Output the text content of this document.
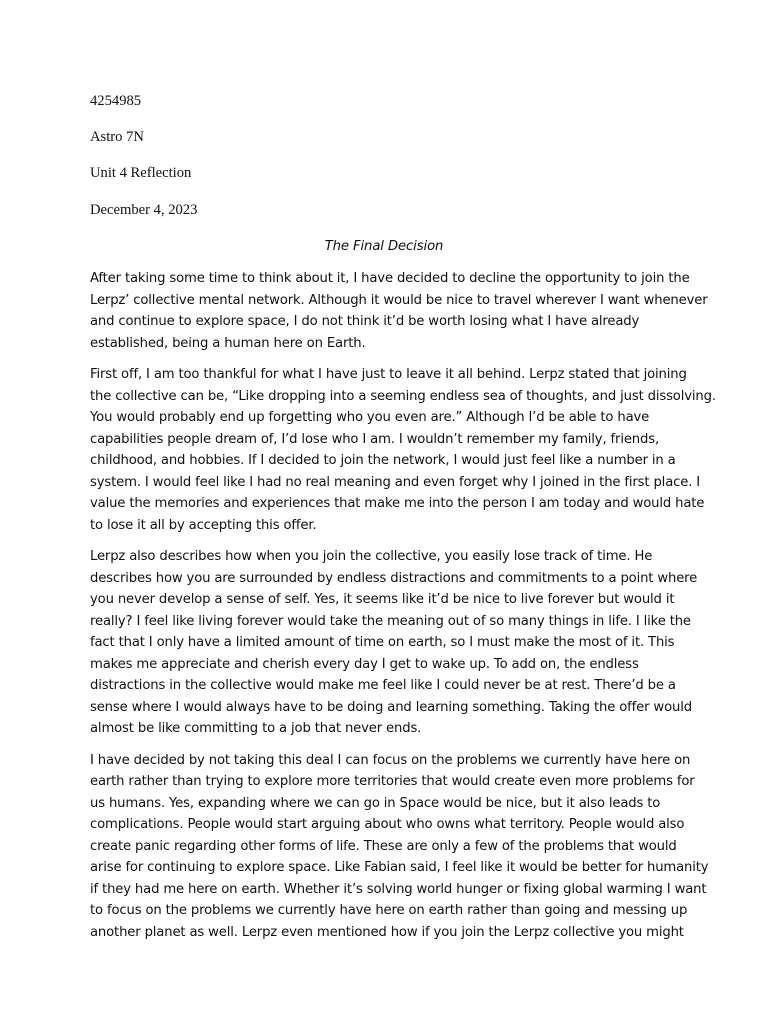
4254985
Astro 7N
Unit 4 Reflection
December 4, 2023
The Final Decision
After taking some time to think about it, I have decided to decline the opportunity to join the
Lerpz’ collective mental network. Although it would be nice to travel wherever I want whenever
and continue to explore space, I do not think it’d be worth losing what I have already
established, being a human here on Earth.
First off, I am too thankful for what I have just to leave it all behind. Lerpz stated that joining
the collective can be, “Like dropping into a seeming endless sea of thoughts, and just dissolving.
You would probably end up forgetting who you even are.” Although I’d be able to have
capabilities people dream of, I’d lose who I am. I wouldn’t remember my family, friends,
childhood, and hobbies. If I decided to join the network, I would just feel like a number in a
system. I would feel like I had no real meaning and even forget why I joined in the first place. I
value the memories and experiences that make me into the person I am today and would hate
to lose it all by accepting this offer.
Lerpz also describes how when you join the collective, you easily lose track of time. He
describes how you are surrounded by endless distractions and commitments to a point where
you never develop a sense of self. Yes, it seems like it’d be nice to live forever but would it
really? I feel like living forever would take the meaning out of so many things in life. I like the
fact that I only have a limited amount of time on earth, so I must make the most of it. This
makes me appreciate and cherish every day I get to wake up. To add on, the endless
distractions in the collective would make me feel like I could never be at rest. There’d be a
sense where I would always have to be doing and learning something. Taking the offer would
almost be like committing to a job that never ends.
I have decided by not taking this deal I can focus on the problems we currently have here on
earth rather than trying to explore more territories that would create even more problems for
us humans. Yes, expanding where we can go in Space would be nice, but it also leads to
complications. People would start arguing about who owns what territory. People would also
create panic regarding other forms of life. These are only a few of the problems that would
arise for continuing to explore space. Like Fabian said, I feel like it would be better for humanity
if they had me here on earth. Whether it’s solving world hunger or fixing global warming I want
to focus on the problems we currently have here on earth rather than going and messing up
another planet as well. Lerpz even mentioned how if you join the Lerpz collective you might
